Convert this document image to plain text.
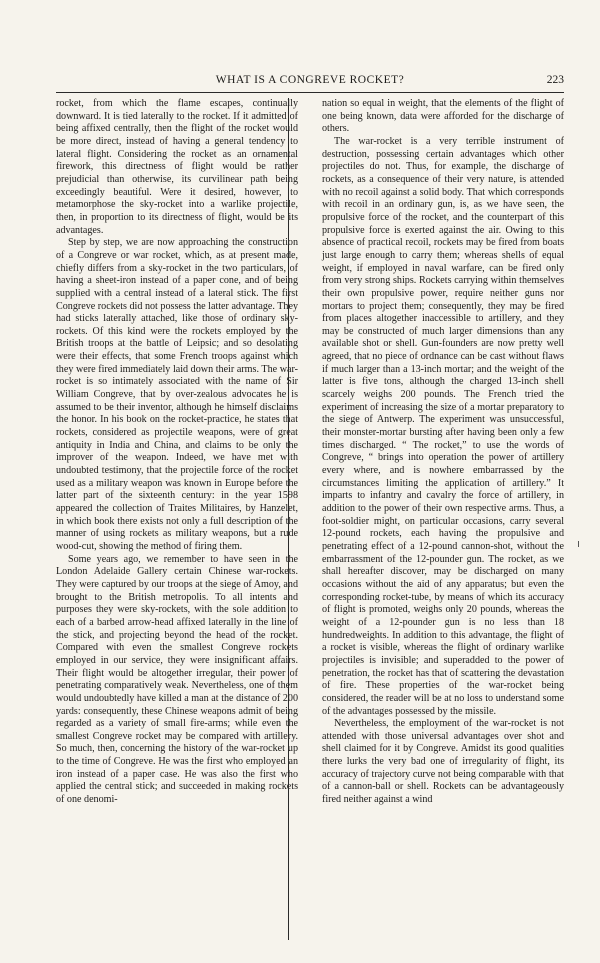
WHAT IS A CONGREVE ROCKET?	223

rocket, from which the flame escapes, continually downward. It is tied laterally to the rocket. If it admitted of being affixed centrally, then the flight of the rocket would be more direct, instead of having a general tendency to lateral flight. Considering the rocket as an ornamental firework, this directness of flight would be rather prejudicial than otherwise, its curvilinear path being exceedingly beautiful. Were it desired, however, to metamorphose the sky-rocket into a warlike projectile, then, in proportion to its directness of flight, would be its advantages.

Step by step, we are now approaching the construction of a Congreve or war rocket, which, as at present made, chiefly differs from a sky-rocket in the two particulars, of having a sheet-iron instead of a paper cone, and of being supplied with a central instead of a lateral stick. The first Congreve rockets did not possess the latter advantage. They had sticks laterally attached, like those of ordinary sky-rockets. Of this kind were the rockets employed by the British troops at the battle of Leipsic; and so desolating were their effects, that some French troops against which they were fired immediately laid down their arms. The war-rocket is so intimately associated with the name of Sir William Congreve, that by over-zealous advocates he is assumed to be their inventor, although he himself disclaims the honor. In his book on the rocket-practice, he states that rockets, considered as projectile weapons, were of great antiquity in India and China, and claims to be only the improver of the weapon. Indeed, we have met with undoubted testimony, that the projectile force of the rocket used as a military weapon was known in Europe before the latter part of the sixteenth century: in the year 1598 appeared the collection of Traites Militaires, by Hanzelet, in which book there exists not only a full description of the manner of using rockets as military weapons, but a rude wood-cut, showing the method of firing them.

Some years ago, we remember to have seen in the London Adelaide Gallery certain Chinese war-rockets. They were captured by our troops at the siege of Amoy, and brought to the British metropolis. To all intents and purposes they were sky-rockets, with the sole addition to each of a barbed arrow-head affixed laterally in the line of the stick, and projecting beyond the head of the rocket. Compared with even the smallest Congreve rockets employed in our service, they were insignificant affairs. Their flight would be altogether irregular, their power of penetrating comparatively weak. Nevertheless, one of them would undoubtedly have killed a man at the distance of 200 yards: consequently, these Chinese weapons admit of being regarded as a variety of small fire-arms; while even the smallest Congreve rocket may be compared with artillery. So much, then, concerning the history of the war-rocket up to the time of Congreve. He was the first who employed an iron instead of a paper case. He was also the first who applied the central stick; and succeeded in making rockets of one denomi-

nation so equal in weight, that the elements of the flight of one being known, data were afforded for the discharge of others.

The war-rocket is a very terrible instrument of destruction, possessing certain advantages which other projectiles do not. Thus, for example, the discharge of rockets, as a consequence of their very nature, is attended with no recoil against a solid body. That which corresponds with recoil in an ordinary gun, is, as we have seen, the propulsive force of the rocket, and the counterpart of this propulsive force is exerted against the air. Owing to this absence of practical recoil, rockets may be fired from boats just large enough to carry them; whereas shells of equal weight, if employed in naval warfare, can be fired only from very strong ships. Rockets carrying within themselves their own propulsive power, require neither guns nor mortars to project them; consequently, they may be fired from places altogether inaccessible to artillery, and they may be constructed of much larger dimensions than any available shot or shell. Gun-founders are now pretty well agreed, that no piece of ordnance can be cast without flaws if much larger than a 13-inch mortar; and the weight of the latter is five tons, although the charged 13-inch shell scarcely weighs 200 pounds. The French tried the experiment of increasing the size of a mortar preparatory to the siege of Antwerp. The experiment was unsuccessful, their monster-mortar bursting after having been only a few times discharged. “ The rocket,” to use the words of Congreve, “ brings into operation the power of artillery every where, and is nowhere embarrassed by the circumstances limiting the application of artillery.” It imparts to infantry and cavalry the force of artillery, in addition to the power of their own respective arms. Thus, a foot-soldier might, on particular occasions, carry several 12-pound rockets, each having the propulsive and penetrating effect of a 12-pound cannon-shot, without the embarrassment of the 12-pounder gun. The rocket, as we shall hereafter discover, may be discharged on many occasions without the aid of any apparatus; but even the corresponding rocket-tube, by means of which its accuracy of flight is promoted, weighs only 20 pounds, whereas the weight of a 12-pounder gun is no less than 18 hundredweights. In addition to this advantage, the flight of a rocket is visible, whereas the flight of ordinary warlike projectiles is invisible; and superadded to the power of penetration, the rocket has that of scattering the devastation of fire. These properties of the war-rocket being considered, the reader will be at no loss to understand some of the advantages possessed by the missile.

Nevertheless, the employment of the war-rocket is not attended with those universal advantages over shot and shell claimed for it by Congreve. Amidst its good qualities there lurks the very bad one of irregularity of flight, its accuracy of trajectory curve not being comparable with that of a cannon-ball or shell. Rockets can be advantageously fired neither against a wind
